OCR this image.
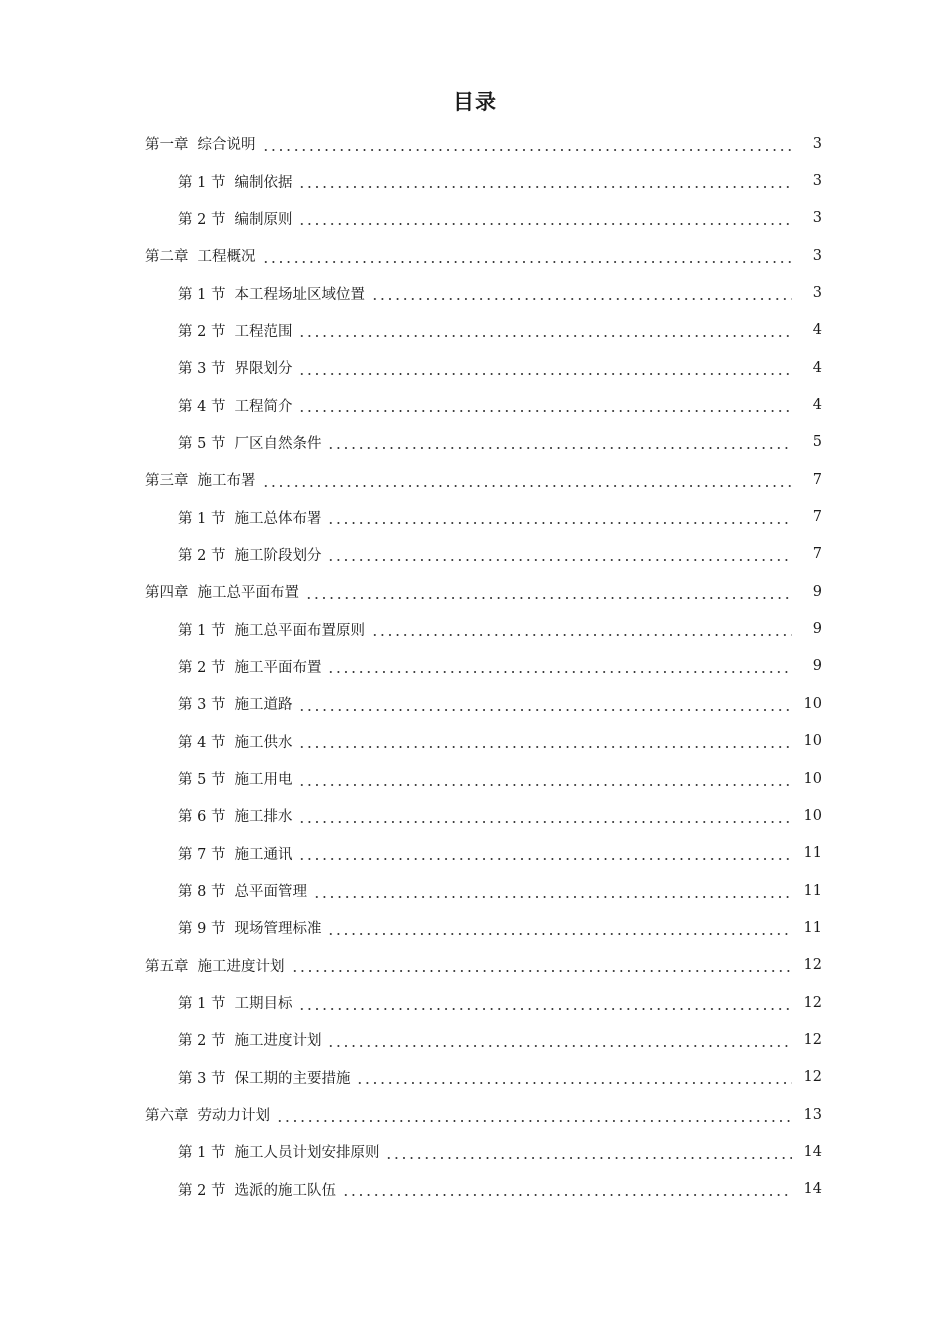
目录
第一章 综合说明	3
第 1 节 编制依据	3
第 2 节 编制原则	3
第二章 工程概况	3
第 1 节 本工程场址区域位置	3
第 2 节 工程范围	4
第 3 节 界限划分	4
第 4 节 工程简介	4
第 5 节 厂区自然条件	5
第三章 施工布署	7
第 1 节 施工总体布署	7
第 2 节 施工阶段划分	7
第四章 施工总平面布置	9
第 1 节 施工总平面布置原则	9
第 2 节 施工平面布置	9
第 3 节 施工道路	10
第 4 节 施工供水	10
第 5 节 施工用电	10
第 6 节 施工排水	10
第 7 节 施工通讯	11
第 8 节 总平面管理	11
第 9 节 现场管理标准	11
第五章 施工进度计划	12
第 1 节 工期目标	12
第 2 节 施工进度计划	12
第 3 节 保工期的主要措施	12
第六章 劳动力计划	13
第 1 节 施工人员计划安排原则	14
第 2 节 选派的施工队伍	14
